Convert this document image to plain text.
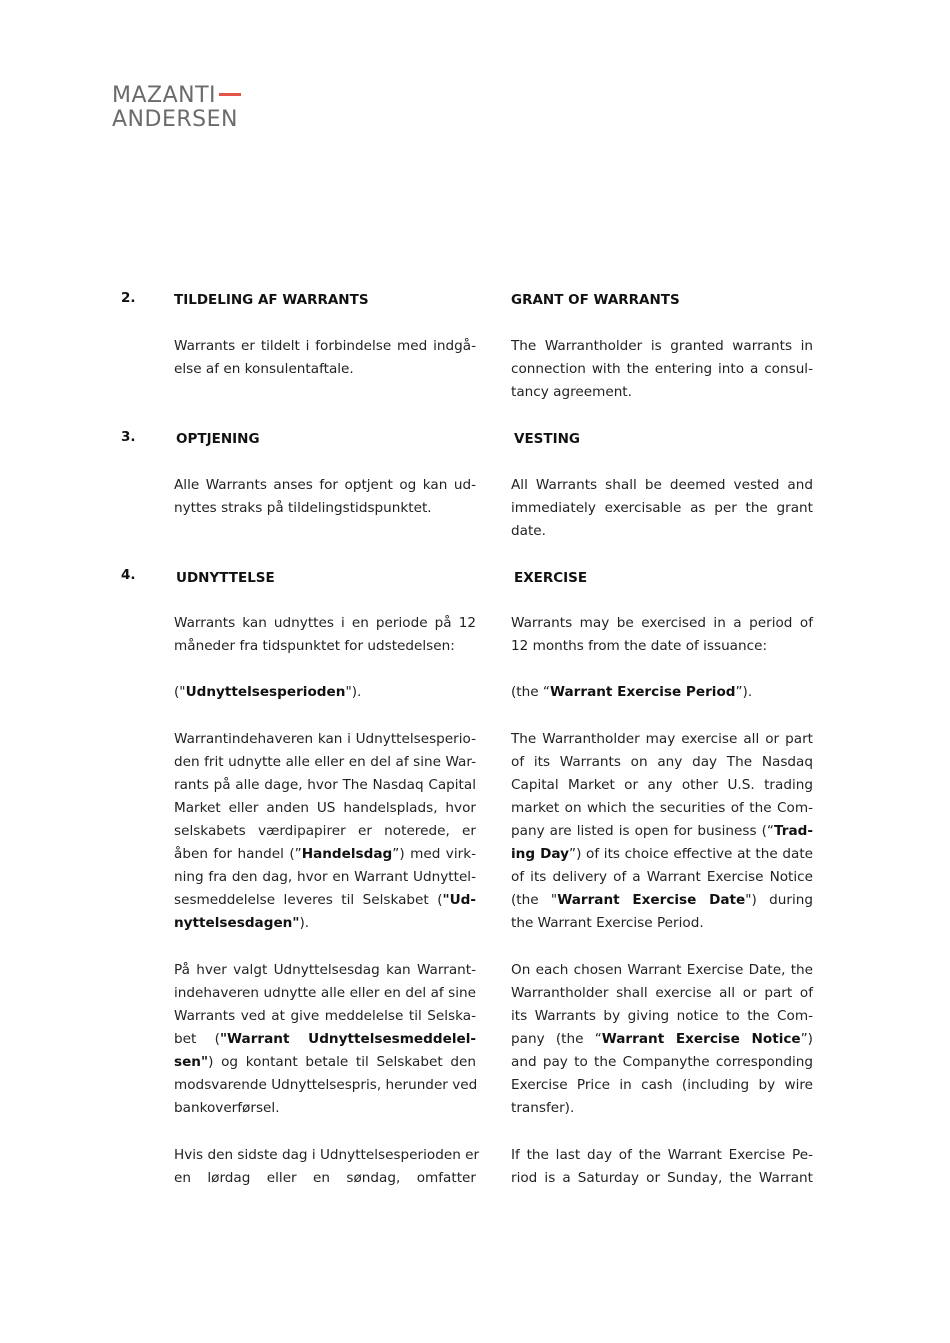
MAZANTI
ANDERSEN
2.	TILDELING AF WARRANTS	GRANT OF WARRANTS
Warrants er tildelt i forbindelse med indgå-
else af en konsulentaftale.
The Warrantholder is granted warrants in
connection with the entering into a consul-
tancy agreement.
3.	OPTJENING	VESTING
Alle Warrants anses for optjent og kan ud-
nyttes straks på tildelingstidspunktet.
All Warrants shall be deemed vested and
immediately exercisable as per the grant
date.
4.	UDNYTTELSE	EXERCISE
Warrants kan udnyttes i en periode på 12
måneder fra tidspunktet for udstedelsen:
Warrants may be exercised in a period of
12 months from the date of issuance:
("Udnyttelsesperioden").	(the “Warrant Exercise Period”).
Warrantindehaveren kan i Udnyttelsesperio-
den frit udnytte alle eller en del af sine War-
rants på alle dage, hvor The Nasdaq Capital
Market eller anden US handelsplads, hvor
selskabets værdipapirer er noterede, er
åben for handel (”Handelsdag”) med virk-
ning fra den dag, hvor en Warrant Udnyttel-
sesmeddelelse leveres til Selskabet ("Ud-
nyttelsesdagen").
The Warrantholder may exercise all or part
of its Warrants on any day The Nasdaq
Capital Market or any other U.S. trading
market on which the securities of the Com-
pany are listed is open for business (“Trad-
ing Day”) of its choice effective at the date
of its delivery of a Warrant Exercise Notice
(the "Warrant Exercise Date") during
the Warrant Exercise Period.
På hver valgt Udnyttelsesdag kan Warrant-
indehaveren udnytte alle eller en del af sine
Warrants ved at give meddelelse til Selska-
bet ("Warrant Udnyttelsesmeddelel-
sen") og kontant betale til Selskabet den
modsvarende Udnyttelsespris, herunder ved
bankoverførsel.
On each chosen Warrant Exercise Date, the
Warrantholder shall exercise all or part of
its Warrants by giving notice to the Com-
pany (the “Warrant Exercise Notice”)
and pay to the Companythe corresponding
Exercise Price in cash (including by wire
transfer).
Hvis den sidste dag i Udnyttelsesperioden er
en lørdag eller en søndag, omfatter
If the last day of the Warrant Exercise Pe-
riod is a Saturday or Sunday, the Warrant
